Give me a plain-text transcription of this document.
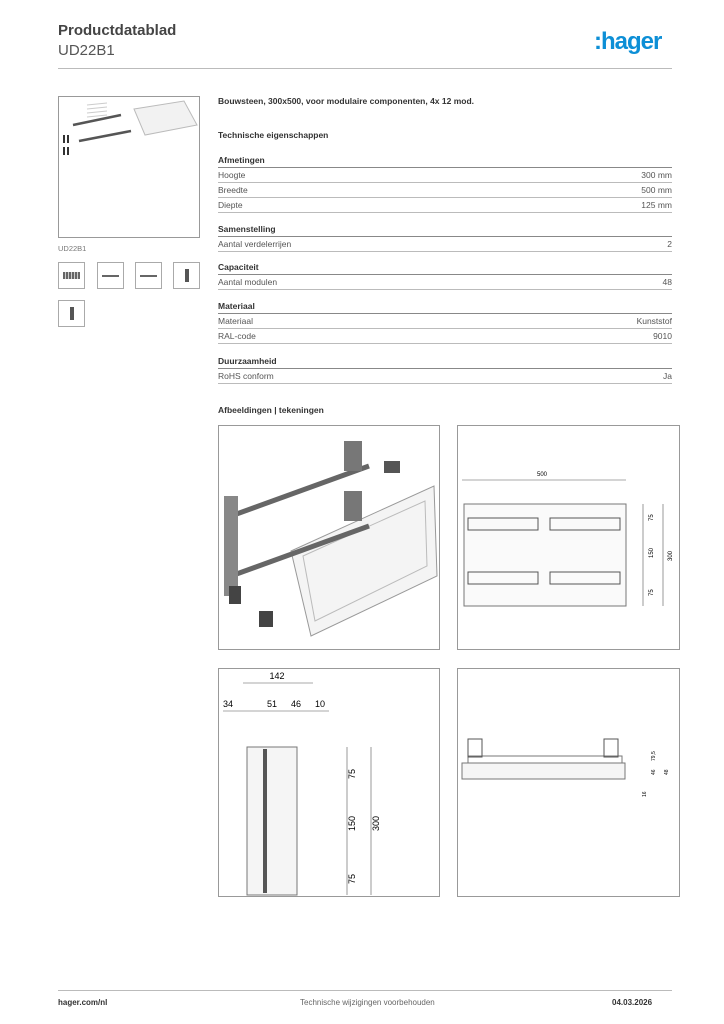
Productdatablad
UD22B1	:hager
UD22B1
Bouwsteen, 300x500, voor modulaire componenten, 4x 12 mod.
Technische eigenschappen
Afmetingen
Hoogte	300 mm
Breedte	500 mm
Diepte	125 mm
Samenstelling
Aantal verdelerrijen	2
Capaciteit
Aantal modulen	48
Materiaal
Materiaal	Kunststof
RAL-code	9010
Duurzaamheid
RoHS conform	Ja
Afbeeldingen | tekeningen
500
75
150
75
300
142
34	51 46 10
75
150
75
300
79,5
46 48
16
hager.com/nl	Technische wijzigingen voorbehouden	04.03.2026
